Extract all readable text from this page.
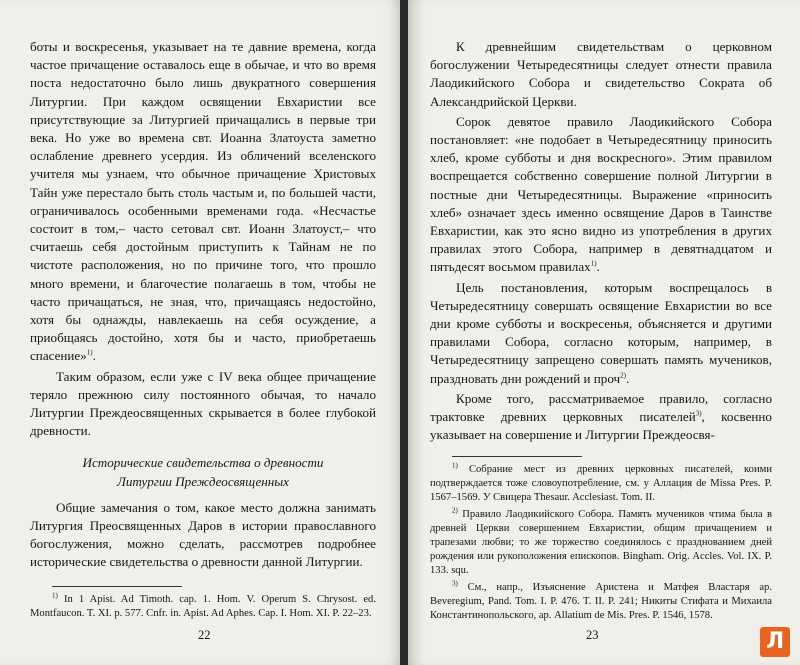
боты и воскресенья, указывает на те давние времена, когда частое причащение оставалось еще в обычае, и что во время поста недостаточно было лишь двукратного совершения Литургии. При каждом освящении Евхаристии все присутствующие за Литургией причащались в первые три века. Но уже во времена свт. Иоанна Златоуста заметно ослабление древнего усердия. Из обличений вселенского учителя мы узнаем, что обычное причащение Христовых Тайн уже перестало быть столь частым и, по большей части, ограничивалось особенными временами года. «Несчастье состоит в том,– часто сетовал свт. Иоанн Златоуст,– что считаешь себя достойным приступить к Тайнам не по чистоте расположения, но по причине того, что прошло много времени, и благочестие полагаешь в том, чтобы не часто причащаться, не зная, что, причащаясь недостойно, хотя бы однажды, навлекаешь на себя осуждение, а приобщаясь достойно, хотя бы и часто, приобретаешь спасение»$^{1)}$.

Таким образом, если уже с IV века общее причащение теряло прежнюю силу постоянного обычая, то начало Литургии Преждеосвященных скрывается в более глубокой древности.

Исторические свидетельства о древности
Литургии Преждеосвященных

Общие замечания о том, какое место должна занимать Литургия Преосвященных Даров в истории православного богослужения, можно сделать, рассмотрев подробнее исторические свидетельства о древности данной Литургии.

$^{1)}$ In 1 Apist. Ad Timoth. cap. 1. Hom. V. Operum S. Chrysost. ed. Montfaucon. T. XI. p. 577. Cnfr. in. Apist. Ad Aphes. Cap. I. Hom. XI. P. 22–23.

22

К древнейшим свидетельствам о церковном богослужении Четыредесятницы следует отнести правила Лаодикийского Собора и свидетельство Сократа об Александрийской Церкви.

Сорок девятое правило Лаодикийского Собора постановляет: «не подобает в Четыредесятницу приносить хлеб, кроме субботы и дня воскресного». Этим правилом воспрещается собственно совершение полной Литургии в постные дни Четыредесятницы. Выражение «приносить хлеб» означает здесь именно освящение Даров в Таинстве Евхаристии, как это ясно видно из употребления в других правилах этого Собора, например в девятнадцатом и пятьдесят восьмом правилах$^{1)}$.

Цель постановления, которым воспрещалось в Четыредесятницу совершать освящение Евхаристии во все дни кроме субботы и воскресенья, объясняется и другими правилами Собора, согласно которым, например, в Четыредесятницу запрещено совершать память мучеников, праздновать дни рождений и проч$^{2)}$.

Кроме того, рассматриваемое правило, согласно трактовке древних церковных писателей$^{3)}$, косвенно указывает на совершение и Литургии Преждеосвя-

$^{1)}$ Собрание мест из древних церковных писателей, коими подтверждается тоже словоупотребление, см. у Аллация de Missa Pres. P. 1567–1569. У Свицера Thesaur. Acclesiast. Tom. II.

$^{2)}$ Правило Лаодикийского Собора. Память мучеников чтима была в древней Церкви совершением Евхаристии, общим причащением и трапезами любви; то же торжество соединялось с празднованием дней рождения или рукоположения епископов. Bingham. Orig. Accles. Vol. IX. P. 133. squ.

$^{3)}$ См., напр., Изъяснение Аристена и Матфея Властаря ар. Beveregium, Pand. Tom. I. P. 476. T. II. P. 241; Никиты Стифата и Михаила Константинопольского, ар. Allatium de Mis. Pres. P. 1546, 1578.

23	Л
